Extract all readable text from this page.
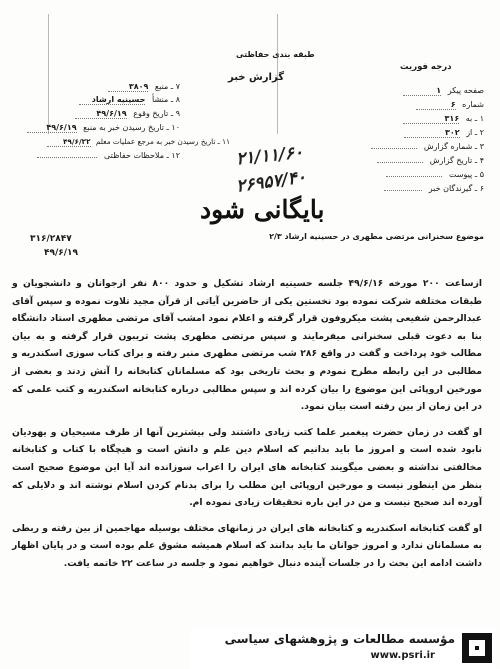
درجه فوریت
طبقه بندی حفاظتی
گزارش خبر
۷ ـ منبع ۳۸۰۹
۸ ـ منشأ حسینیه ارشاد
۹ ـ تاریخ وقوع ۴۹/۶/۱۹
۱۰ ـ تاریخ رسیدن خبر به منبع ۴۹/۶/۱۹
۱۱ ـ تاریخ رسیدن خبر به مرجع عملیات معلم ۴۹/۶/۲۲
۱۲ ـ ملاحظات حفاظتی
صفحه پیکر ۱
شماره ۶
۱ ـ به ۳۱۶
۲ ـ از ۳۰۲
۳ ـ شماره گزارش
۴ ـ تاریخ گزارش
۵ ـ پیوست
۶ ـ گیرندگان خبر
۲۱/۱۱/۶۰
۲۶۹۵۷/۴۰
بایگانی شود
موضوع سخنرانی مرتضی مطهری در حسینیه ارشاد ۲/۳
۳۱۶/۲۸۴۷
۴۹/۶/۱۹

ازساعت ۲۰۰ مورخه ۴۹/۶/۱۶ جلسه حسینیه ارشاد تشکیل و حدود ۸۰۰ نفر ازجوانان و دانشجویان و طبقات مختلفه شرکت نموده بود نخستین یکی از حاضرین آیاتی از قرآن مجید تلاوت نموده و سپس آقای عبدالرحمن شفیعی پشت میکروفون قرار گرفته و اعلام نمود امشب آقای مرتضی مطهری استاد دانشگاه بنا به دعوت قبلی سخنرانی میفرمایند و سپس مرتضی مطهری پشت تریبون قرار گرفته و به بیان مطالب خود پرداخت و گفت در واقع ۲۸۶ شب مرتضی مطهری منبر رفته و برای کتاب سوزی اسکندریه و مطالبی در این رابطه مطرح نمودم و بحث تاریخی بود که مسلمانان کتابخانه را آتش زدند و بعضی از مورخین اروپائی این موضوع را بیان کرده اند و سپس مطالبی درباره کتابخانه اسکندریه و کتب علمی که در این زمان از بین رفته است بیان نمود.

او گفت در زمان حضرت پیغمبر علما کتب زیادی داشتند ولی بیشترین آنها از طرف مسیحیان و یهودیان نابود شده است و امروز ما باید بدانیم که اسلام دین علم و دانش است و هیچگاه با کتاب و کتابخانه مخالفتی نداشته و بعضی میگویند کتابخانه های ایران را اعراب سوزانده اند آیا این موضوع صحیح است بنظر من اینطور نیست و مورخین اروپائی این مطلب را برای بدنام کردن اسلام نوشته اند و دلایلی که آورده اند صحیح نیست و من در این باره تحقیقات زیادی نموده ام.

او گفت کتابخانه اسکندریه و کتابخانه های ایران در زمانهای مختلف بوسیله مهاجمین از بین رفته و ربطی به مسلمانان ندارد و امروز جوانان ما باید بدانند که اسلام همیشه مشوق علم بوده است و در پایان اظهار داشت ادامه این بحث را در جلسات آینده دنبال خواهیم نمود و جلسه در ساعت ۲۲ خاتمه یافت.

مؤسسه مطالعات و پژوهشهای سیاسی
www.psri.ir
